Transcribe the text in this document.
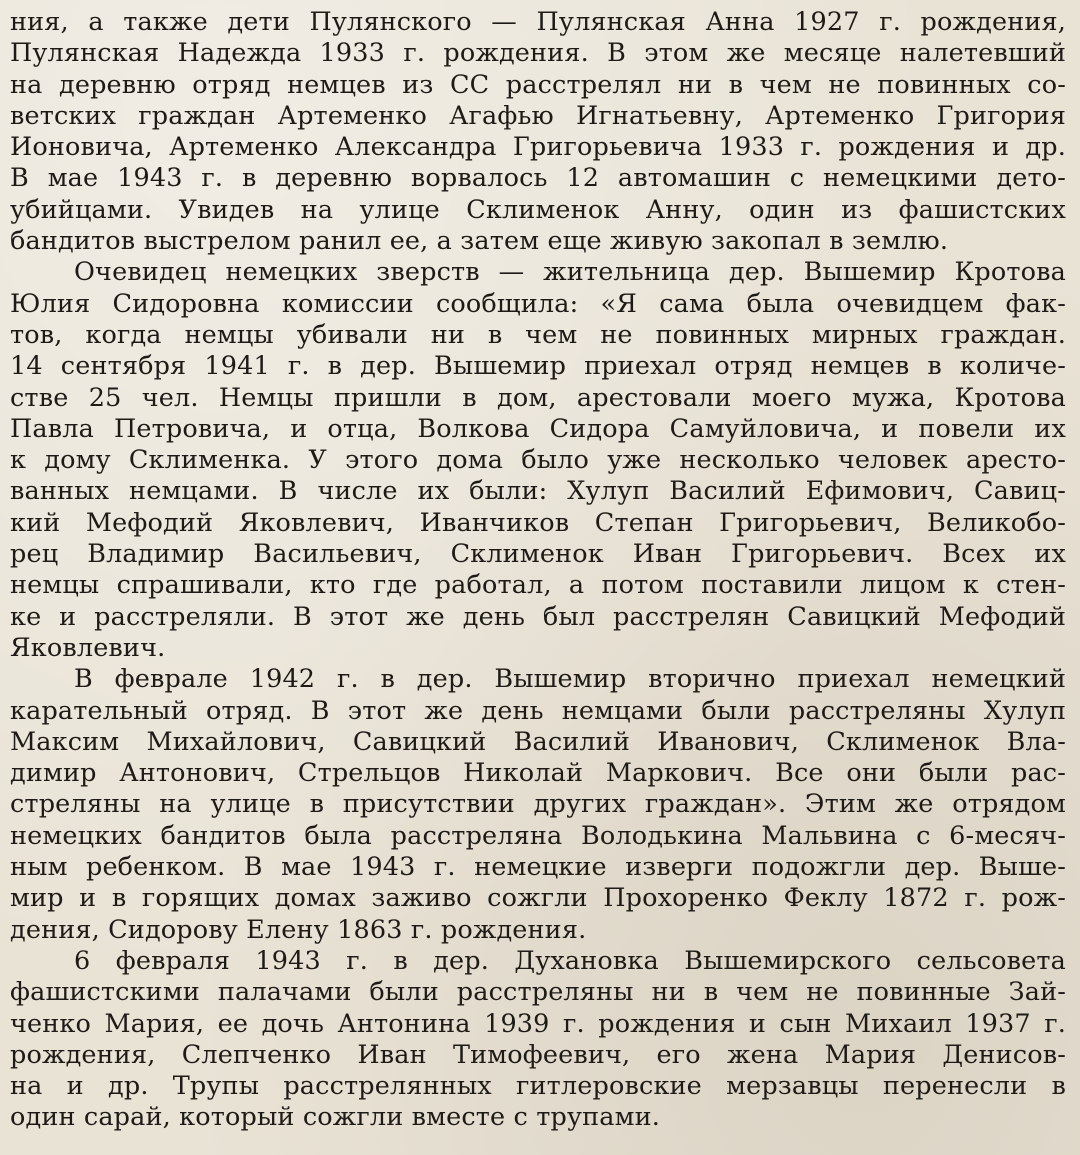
ния, а также дети Пулянского — Пулянская Анна 1927 г. рождения,
Пулянская Надежда 1933 г. рождения. В этом же месяце налетевший
на деревню отряд немцев из СС расстрелял ни в чем не повинных со-
ветских граждан Артеменко Агафью Игнатьевну, Артеменко Григория
Ионовича, Артеменко Александра Григорьевича 1933 г. рождения и др.
В мае 1943 г. в деревню ворвалось 12 автомашин с немецкими дето-
убийцами. Увидев на улице Склименок Анну, один из фашистских
бандитов выстрелом ранил ее, а затем еще живую закопал в землю.
Очевидец немецких зверств — жительница дер. Вышемир Кротова
Юлия Сидоровна комиссии сообщила: «Я сама была очевидцем фак-
тов, когда немцы убивали ни в чем не повинных мирных граждан.
14 сентября 1941 г. в дер. Вышемир приехал отряд немцев в количе-
стве 25 чел. Немцы пришли в дом, арестовали моего мужа, Кротова
Павла Петровича, и отца, Волкова Сидора Самуйловича, и повели их
к дому Склименка. У этого дома было уже несколько человек аресто-
ванных немцами. В числе их были: Хулуп Василий Ефимович, Савиц-
кий Мефодий Яковлевич, Иванчиков Степан Григорьевич, Великобо-
рец Владимир Васильевич, Склименок Иван Григорьевич. Всех их
немцы спрашивали, кто где работал, а потом поставили лицом к стен-
ке и расстреляли. В этот же день был расстрелян Савицкий Мефодий
Яковлевич.
В феврале 1942 г. в дер. Вышемир вторично приехал немецкий
карательный отряд. В этот же день немцами были расстреляны Хулуп
Максим Михайлович, Савицкий Василий Иванович, Склименок Вла-
димир Антонович, Стрельцов Николай Маркович. Все они были рас-
стреляны на улице в присутствии других граждан». Этим же отрядом
немецких бандитов была расстреляна Володькина Мальвина с 6-месяч-
ным ребенком. В мае 1943 г. немецкие изверги подожгли дер. Выше-
мир и в горящих домах заживо сожгли Прохоренко Феклу 1872 г. рож-
дения, Сидорову Елену 1863 г. рождения.
6 февраля 1943 г. в дер. Духановка Вышемирского сельсовета
фашистскими палачами были расстреляны ни в чем не повинные Зай-
ченко Мария, ее дочь Антонина 1939 г. рождения и сын Михаил 1937 г.
рождения, Слепченко Иван Тимофеевич, его жена Мария Денисов-
на и др. Трупы расстрелянных гитлеровские мерзавцы перенесли в
один сарай, который сожгли вместе с трупами.
